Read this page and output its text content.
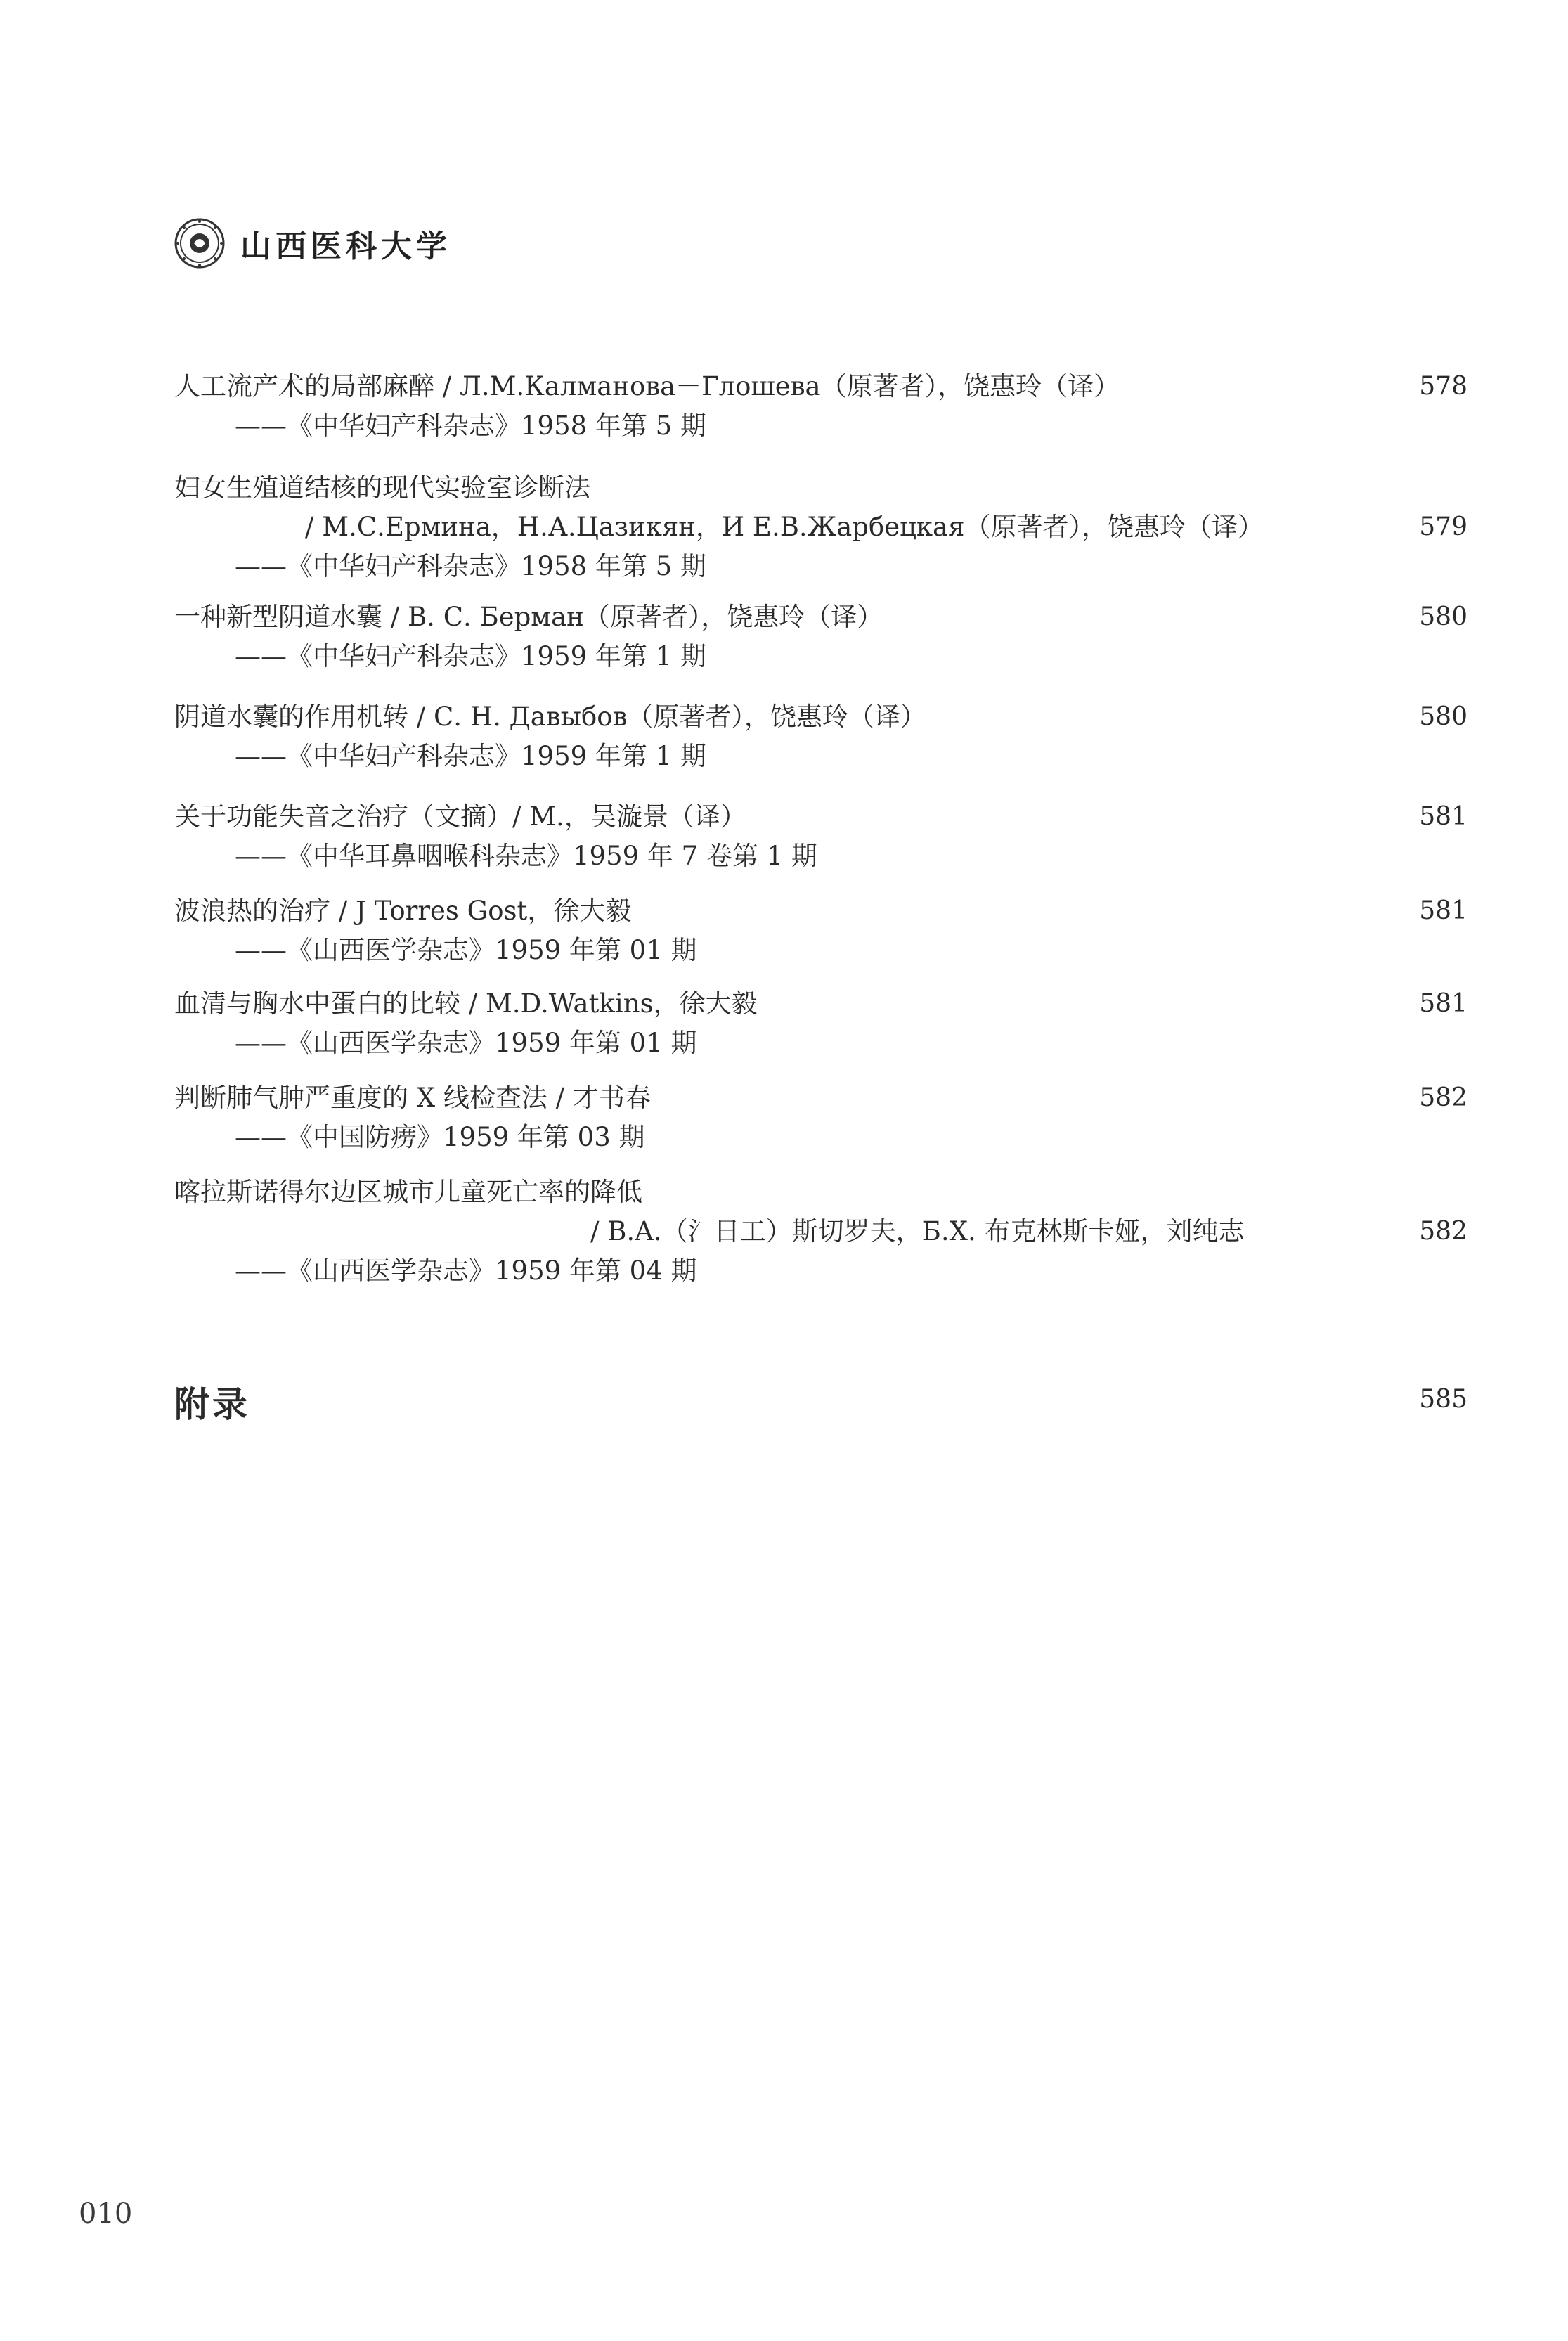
山西医科大学
人工流产术的局部麻醉 / Л.М.Калманова－Глошева（原著者），饶惠玲（译）	578
——《中华妇产科杂志》1958 年第 5 期
妇女生殖道结核的现代实验室诊断法
/ М.С.Ермина，Н.А.Цазикян，И Е.В.Жарбецкая（原著者），饶惠玲（译）	579
——《中华妇产科杂志》1958 年第 5 期
一种新型阴道水囊 / В. С. Берман（原著者），饶惠玲（译）	580
——《中华妇产科杂志》1959 年第 1 期
阴道水囊的作用机转 / С. Н. Давыбов（原著者），饶惠玲（译）	580
——《中华妇产科杂志》1959 年第 1 期
关于功能失音之治疗（文摘）/ M.，吴漩景（译）	581
——《中华耳鼻咽喉科杂志》1959 年 7 卷第 1 期
波浪热的治疗 / J Torres Gost，徐大毅	581
——《山西医学杂志》1959 年第 01 期
血清与胸水中蛋白的比较 / M.D.Watkins，徐大毅	581
——《山西医学杂志》1959 年第 01 期
判断肺气肿严重度的 X 线检查法 / 才书春	582
——《中国防痨》1959 年第 03 期
喀拉斯诺得尔边区城市儿童死亡率的降低
/ B.A.（氵日工）斯切罗夫，Б.X. 布克林斯卡娅，刘纯志	582
——《山西医学杂志》1959 年第 04 期
附录	585
010
